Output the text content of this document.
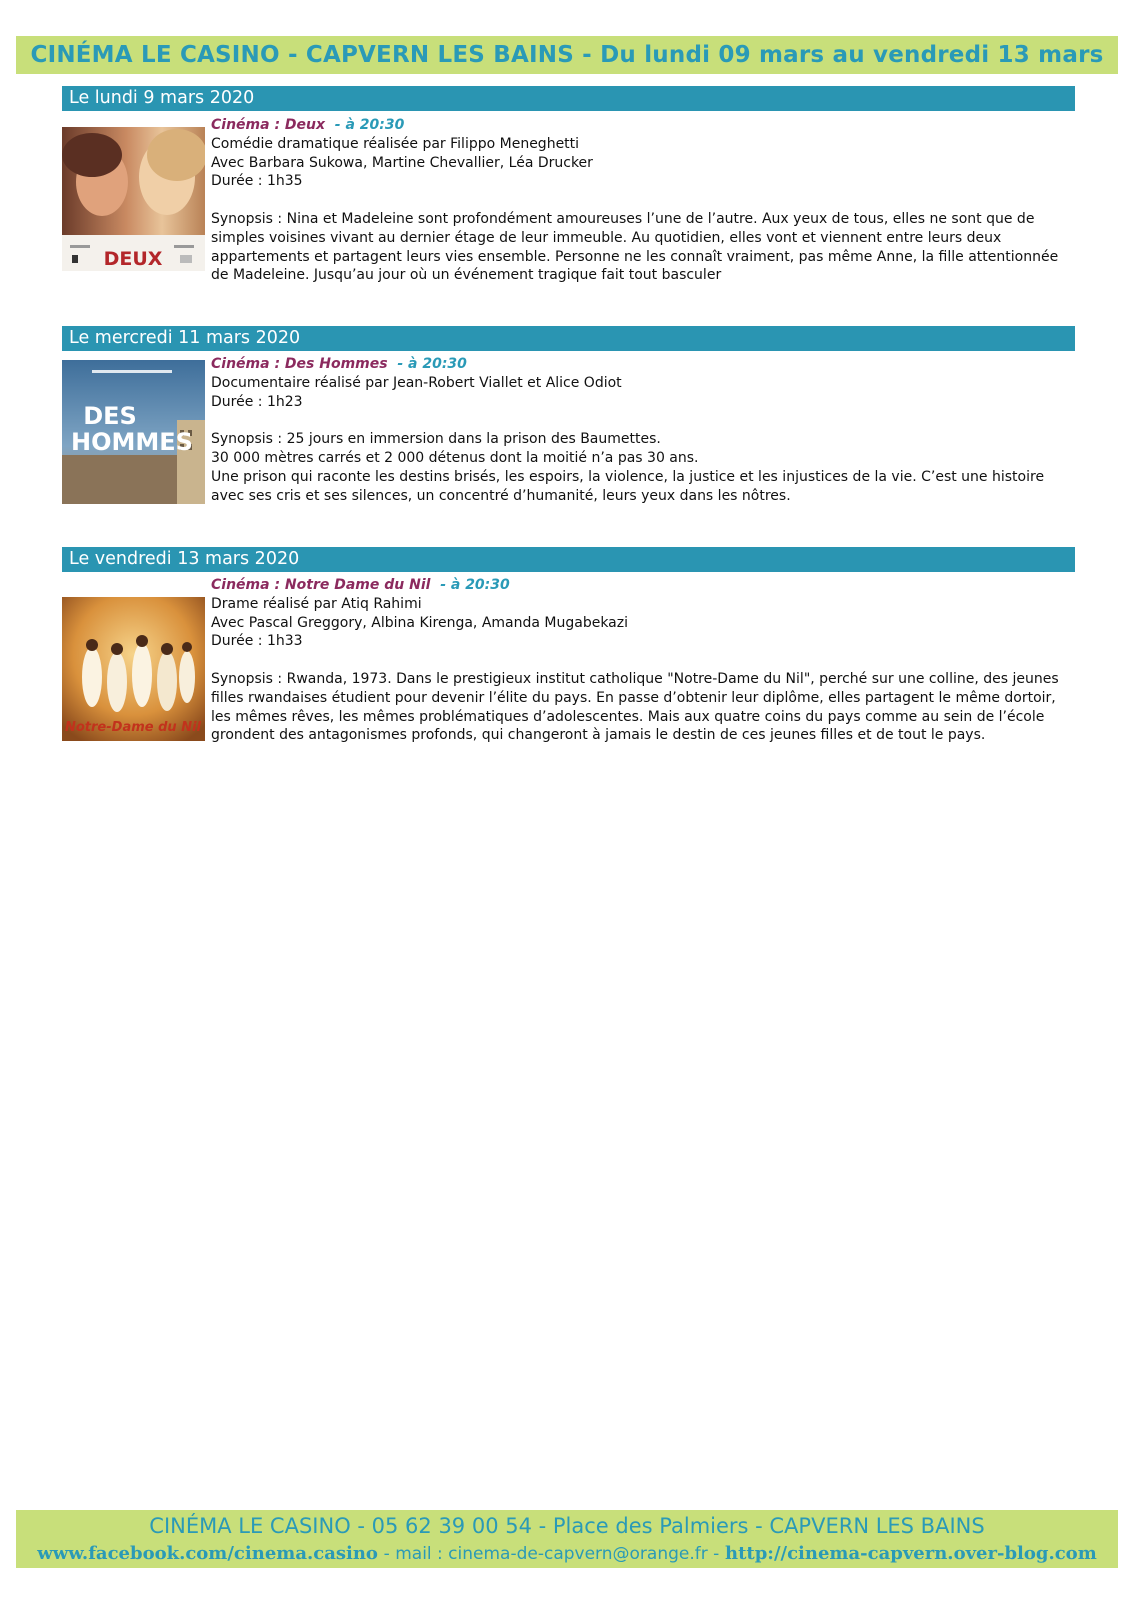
CINÉMA LE CASINO - CAPVERN LES BAINS - Du lundi 09 mars au vendredi 13 mars
Le lundi 9 mars 2020
DEUX

Cinéma : Deux - à 20:30

Comédie dramatique réalisée par Filippo Meneghetti

Avec Barbara Sukowa, Martine Chevallier, Léa Drucker

Durée : 1h35

Synopsis : Nina et Madeleine sont profondément amoureuses l’une de l’autre. Aux yeux de tous, elles ne sont que de simples voisines vivant au dernier étage de leur immeuble. Au quotidien, elles vont et viennent entre leurs deux appartements et partagent leurs vies ensemble. Personne ne les connaît vraiment, pas même Anne, la fille attentionnée de Madeleine. Jusqu’au jour où un événement tragique fait tout basculer

Le mercredi 11 mars 2020
DES
HOMMES

Cinéma : Des Hommes - à 20:30

Documentaire réalisé par Jean-Robert Viallet et Alice Odiot

Durée : 1h23

Synopsis : 25 jours en immersion dans la prison des Baumettes.

30 000 mètres carrés et 2 000 détenus dont la moitié n’a pas 30 ans.

Une prison qui raconte les destins brisés, les espoirs, la violence, la justice et les injustices de la vie. C’est une histoire avec ses cris et ses silences, un concentré d’humanité, leurs yeux dans les nôtres.

Le vendredi 13 mars 2020
Notre-Dame du Nil

Cinéma : Notre Dame du Nil - à 20:30

Drame réalisé par Atiq Rahimi

Avec Pascal Greggory, Albina Kirenga, Amanda Mugabekazi

Durée : 1h33

Synopsis : Rwanda, 1973. Dans le prestigieux institut catholique "Notre-Dame du Nil", perché sur une colline, des jeunes filles rwandaises étudient pour devenir l’élite du pays. En passe d’obtenir leur diplôme, elles partagent le même dortoir, les mêmes rêves, les mêmes problématiques d’adolescentes. Mais aux quatre coins du pays comme au sein de l’école grondent des antagonismes profonds, qui changeront à jamais le destin de ces jeunes filles et de tout le pays.

CINÉMA LE CASINO - 05 62 39 00 54 - Place des Palmiers - CAPVERN LES BAINS
www.facebook.com/cinema.casino - mail : cinema-de-capvern@orange.fr - http://cinema-capvern.over-blog.com
